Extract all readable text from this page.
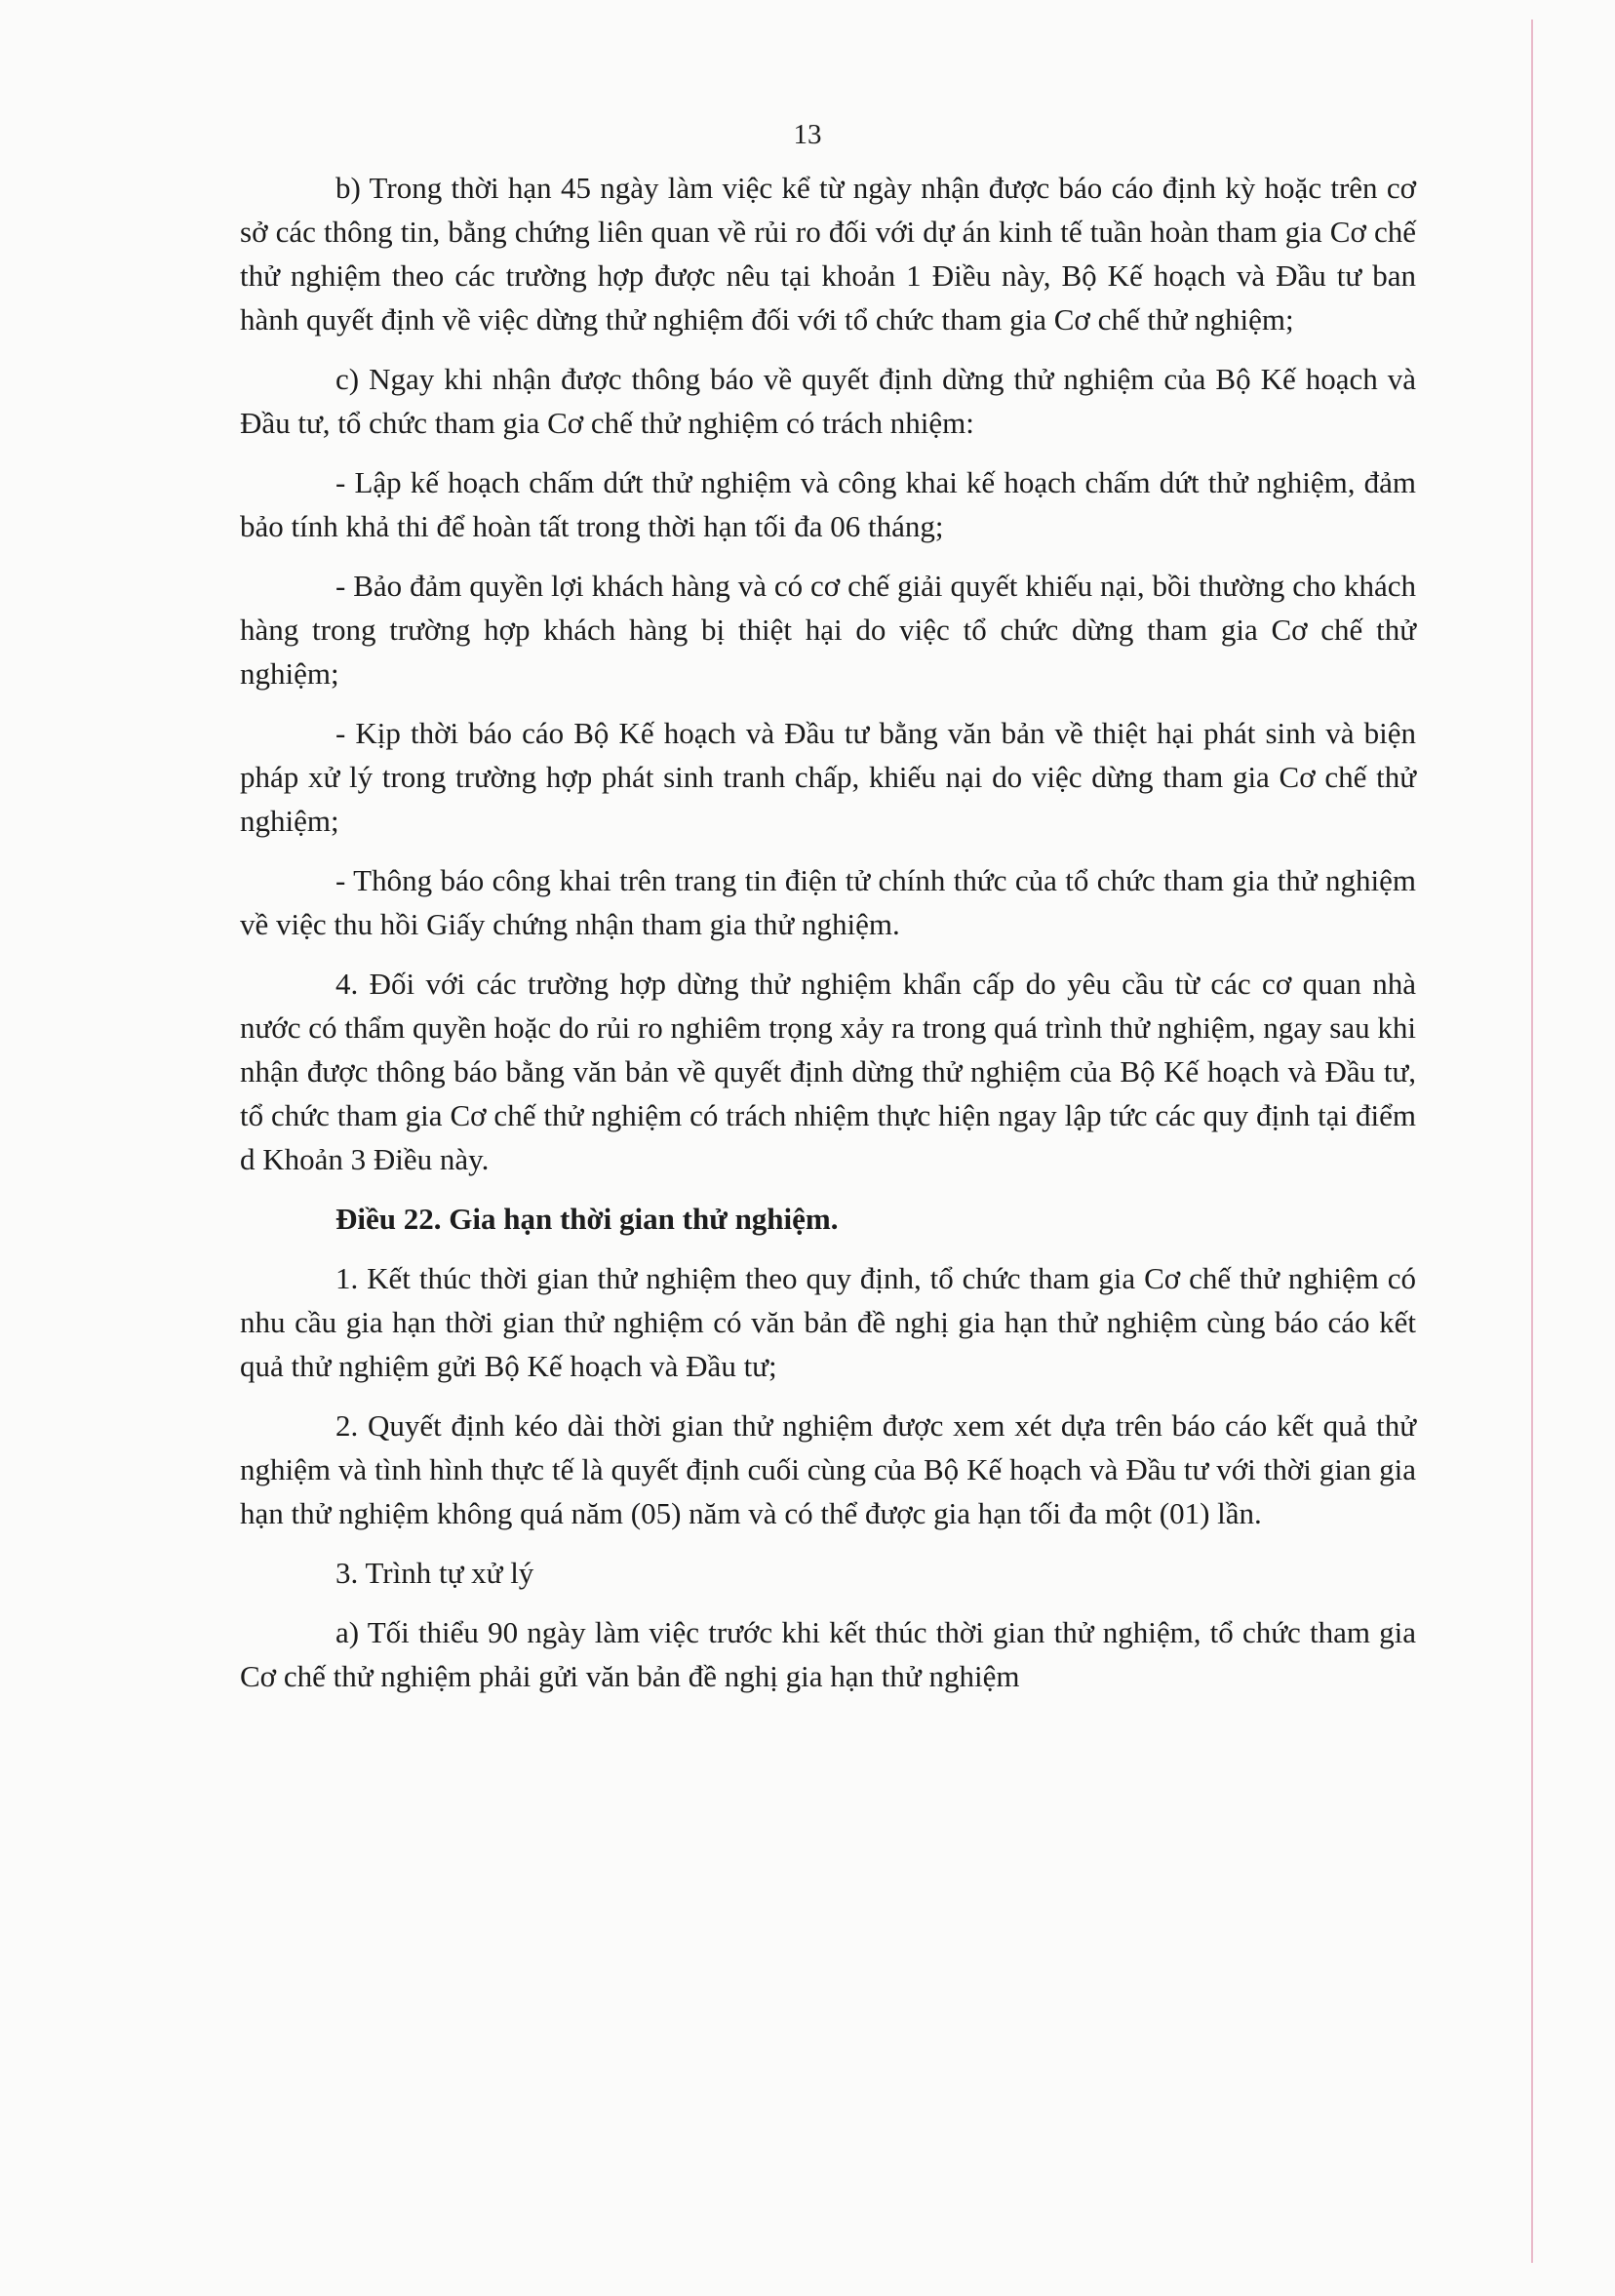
13

b) Trong thời hạn 45 ngày làm việc kể từ ngày nhận được báo cáo định kỳ hoặc trên cơ sở các thông tin, bằng chứng liên quan về rủi ro đối với dự án kinh tế tuần hoàn tham gia Cơ chế thử nghiệm theo các trường hợp được nêu tại khoản 1 Điều này, Bộ Kế hoạch và Đầu tư ban hành quyết định về việc dừng thử nghiệm đối với tổ chức tham gia Cơ chế thử nghiệm;

c) Ngay khi nhận được thông báo về quyết định dừng thử nghiệm của Bộ Kế hoạch và Đầu tư, tổ chức tham gia Cơ chế thử nghiệm có trách nhiệm:

- Lập kế hoạch chấm dứt thử nghiệm và công khai kế hoạch chấm dứt thử nghiệm, đảm bảo tính khả thi để hoàn tất trong thời hạn tối đa 06 tháng;

- Bảo đảm quyền lợi khách hàng và có cơ chế giải quyết khiếu nại, bồi thường cho khách hàng trong trường hợp khách hàng bị thiệt hại do việc tổ chức dừng tham gia Cơ chế thử nghiệm;

- Kịp thời báo cáo Bộ Kế hoạch và Đầu tư bằng văn bản về thiệt hại phát sinh và biện pháp xử lý trong trường hợp phát sinh tranh chấp, khiếu nại do việc dừng tham gia Cơ chế thử nghiệm;

- Thông báo công khai trên trang tin điện tử chính thức của tổ chức tham gia thử nghiệm về việc thu hồi Giấy chứng nhận tham gia thử nghiệm.

4. Đối với các trường hợp dừng thử nghiệm khẩn cấp do yêu cầu từ các cơ quan nhà nước có thẩm quyền hoặc do rủi ro nghiêm trọng xảy ra trong quá trình thử nghiệm, ngay sau khi nhận được thông báo bằng văn bản về quyết định dừng thử nghiệm của Bộ Kế hoạch và Đầu tư, tổ chức tham gia Cơ chế thử nghiệm có trách nhiệm thực hiện ngay lập tức các quy định tại điểm d Khoản 3 Điều này.

Điều 22. Gia hạn thời gian thử nghiệm.

1. Kết thúc thời gian thử nghiệm theo quy định, tổ chức tham gia Cơ chế thử nghiệm có nhu cầu gia hạn thời gian thử nghiệm có văn bản đề nghị gia hạn thử nghiệm cùng báo cáo kết quả thử nghiệm gửi Bộ Kế hoạch và Đầu tư;

2. Quyết định kéo dài thời gian thử nghiệm được xem xét dựa trên báo cáo kết quả thử nghiệm và tình hình thực tế là quyết định cuối cùng của Bộ Kế hoạch và Đầu tư với thời gian gia hạn thử nghiệm không quá năm (05) năm và có thể được gia hạn tối đa một (01) lần.

3. Trình tự xử lý

a) Tối thiểu 90 ngày làm việc trước khi kết thúc thời gian thử nghiệm, tổ chức tham gia Cơ chế thử nghiệm phải gửi văn bản đề nghị gia hạn thử nghiệm
